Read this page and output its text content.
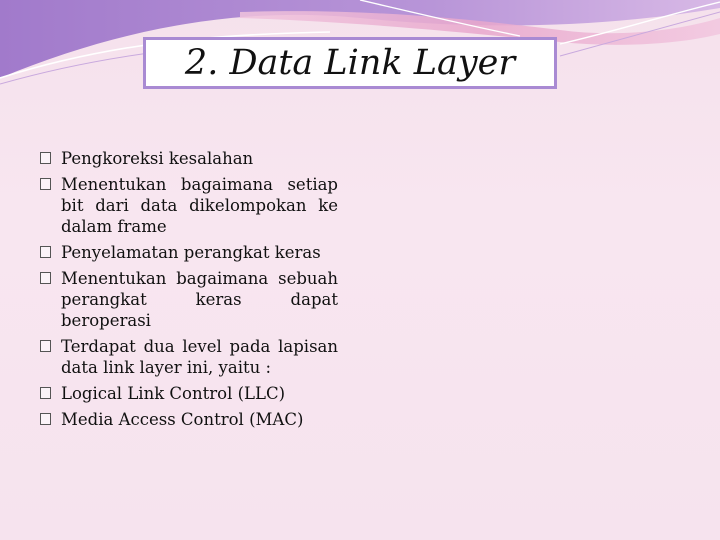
2. Data Link Layer
Pengkoreksi kesalahan
Menentukan bagaimana setiap bit dari data dikelompokan ke dalam frame
Penyelamatan perangkat keras
Menentukan bagaimana sebuah perangkat keras dapat beroperasi
Terdapat dua level pada lapisan data link layer ini, yaitu :
Logical Link Control (LLC)
Media Access Control (MAC)
